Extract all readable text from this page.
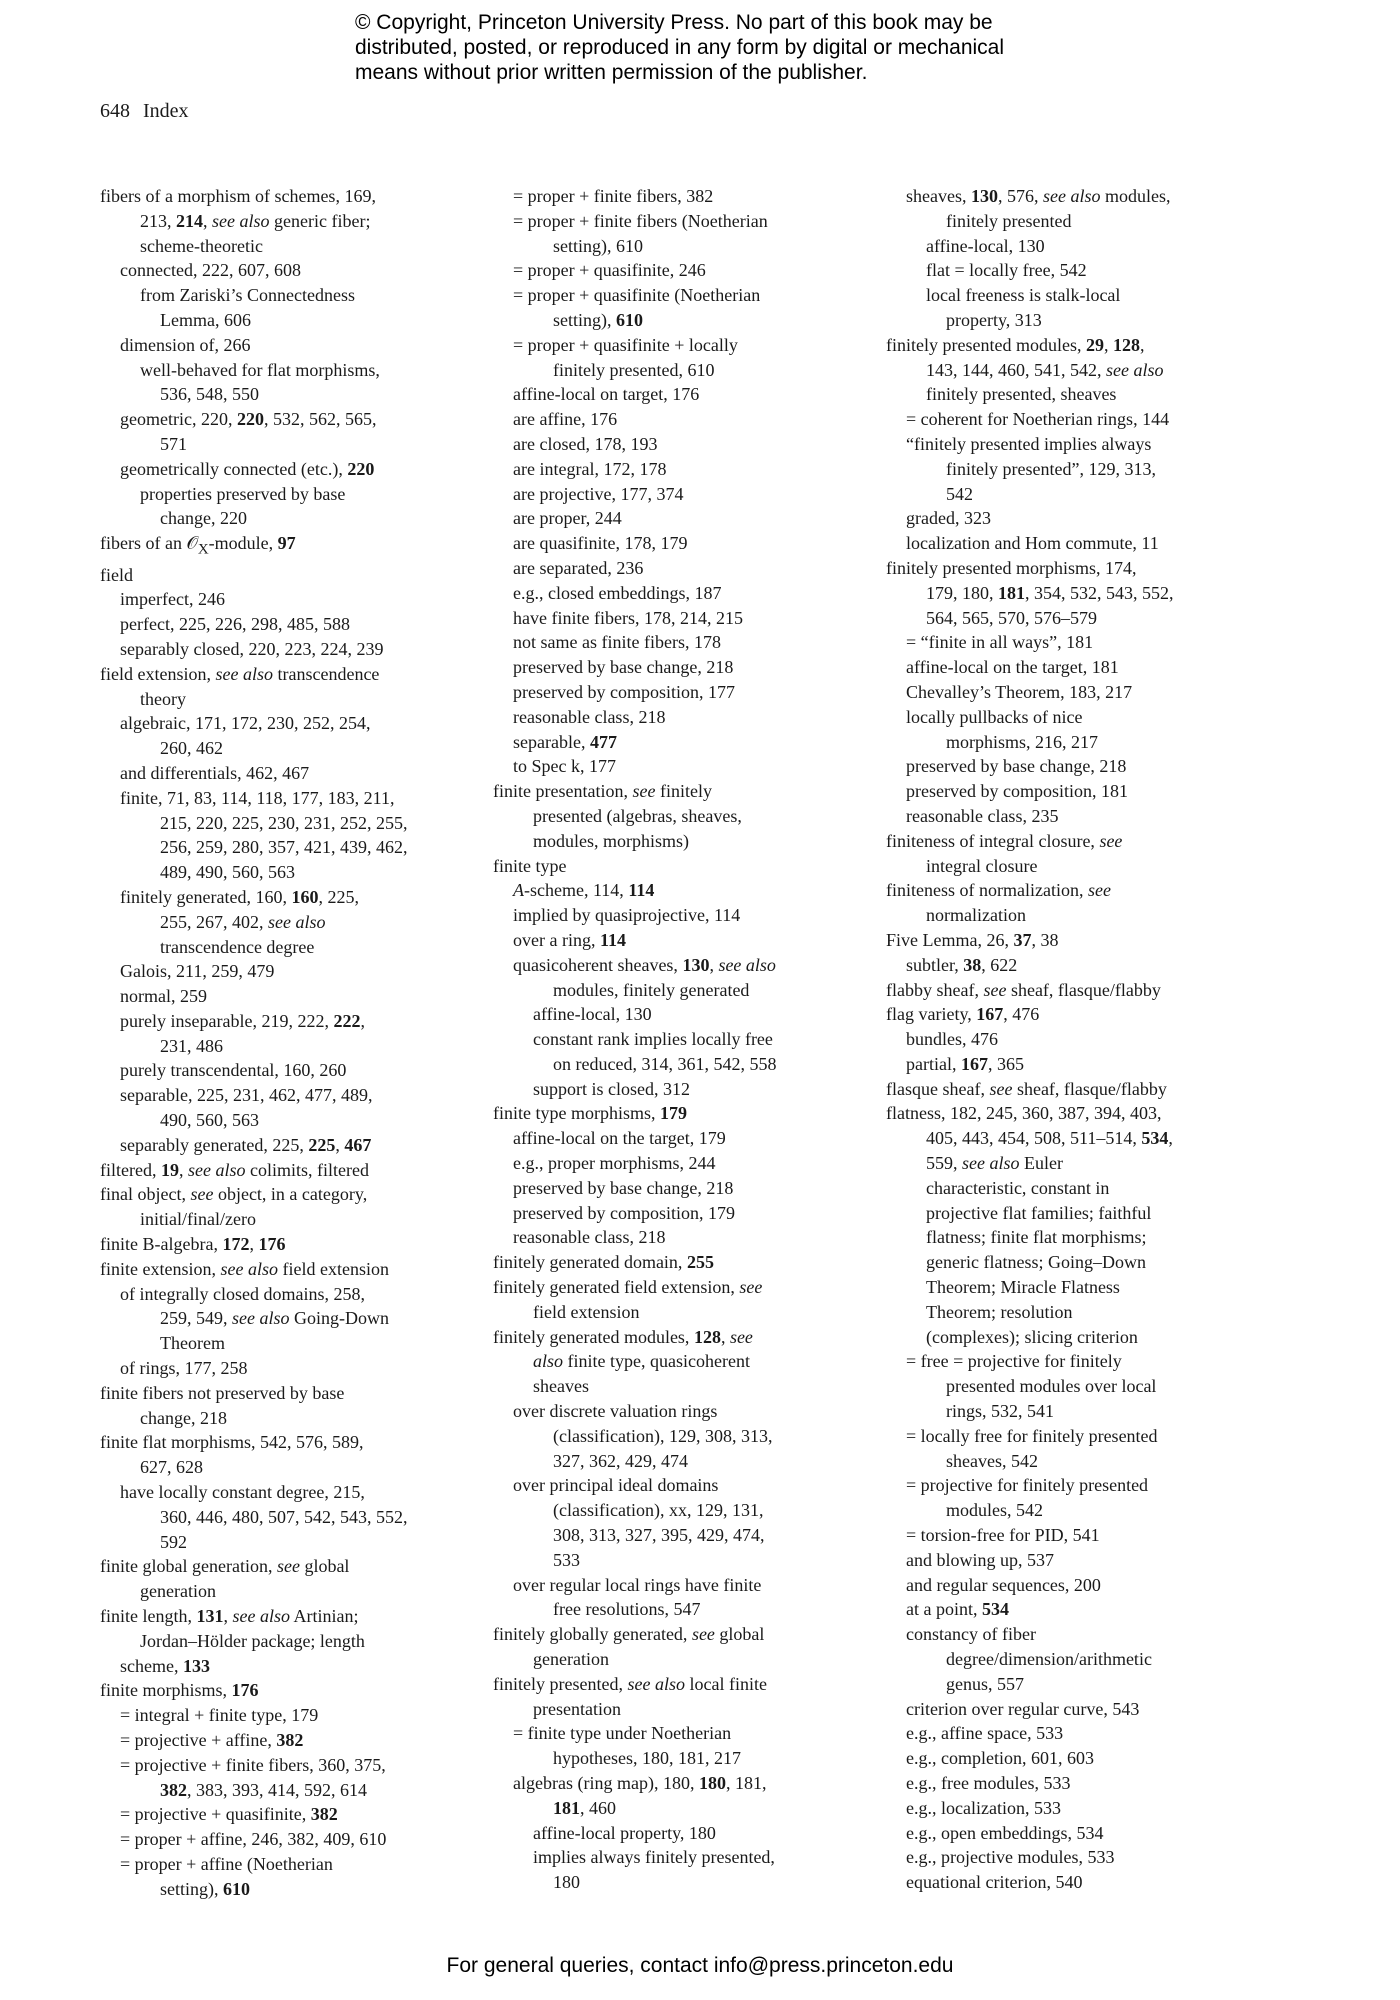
© Copyright, Princeton University Press. No part of this book may be
distributed, posted, or reproduced in any form by digital or mechanical
means without prior written permission of the publisher.
648 Index

fibers of a morphism of schemes, 169,
213, 214, see also generic fiber;
scheme-theoretic

connected, 222, 607, 608

from Zariski’s Connectedness
Lemma, 606

dimension of, 266

well-behaved for flat morphisms,
536, 548, 550

geometric, 220, 220, 532, 562, 565,
571

geometrically connected (etc.), 220

properties preserved by base
change, 220

fibers of an 𝒪$_X$-module, 97

field

imperfect, 246

perfect, 225, 226, 298, 485, 588

separably closed, 220, 223, 224, 239

field extension, see also transcendence
theory

algebraic, 171, 172, 230, 252, 254,
260, 462

and differentials, 462, 467

finite, 71, 83, 114, 118, 177, 183, 211,
215, 220, 225, 230, 231, 252, 255,
256, 259, 280, 357, 421, 439, 462,
489, 490, 560, 563

finitely generated, 160, 160, 225,
255, 267, 402, see also
transcendence degree

Galois, 211, 259, 479

normal, 259

purely inseparable, 219, 222, 222,
231, 486

purely transcendental, 160, 260

separable, 225, 231, 462, 477, 489,
490, 560, 563

separably generated, 225, 225, 467

filtered, 19, see also colimits, filtered

final object, see object, in a category,
initial/final/zero

finite B-algebra, 172, 176

finite extension, see also field extension

of integrally closed domains, 258,
259, 549, see also Going-Down
Theorem

of rings, 177, 258

finite fibers not preserved by base
change, 218

finite flat morphisms, 542, 576, 589,
627, 628

have locally constant degree, 215,
360, 446, 480, 507, 542, 543, 552,
592

finite global generation, see global
generation

finite length, 131, see also Artinian;
Jordan–Hölder package; length

scheme, 133

finite morphisms, 176

= integral + finite type, 179

= projective + affine, 382

= projective + finite fibers, 360, 375,
382, 383, 393, 414, 592, 614

= projective + quasifinite, 382

= proper + affine, 246, 382, 409, 610

= proper + affine (Noetherian
setting), 610

= proper + finite fibers, 382

= proper + finite fibers (Noetherian
setting), 610

= proper + quasifinite, 246

= proper + quasifinite (Noetherian
setting), 610

= proper + quasifinite + locally
finitely presented, 610

affine-local on target, 176

are affine, 176

are closed, 178, 193

are integral, 172, 178

are projective, 177, 374

are proper, 244

are quasifinite, 178, 179

are separated, 236

e.g., closed embeddings, 187

have finite fibers, 178, 214, 215

not same as finite fibers, 178

preserved by base change, 218

preserved by composition, 177

reasonable class, 218

separable, 477

to Spec k, 177

finite presentation, see finitely
presented (algebras, sheaves,
modules, morphisms)

finite type

A-scheme, 114, 114

implied by quasiprojective, 114

over a ring, 114

quasicoherent sheaves, 130, see also
modules, finitely generated

affine-local, 130

constant rank implies locally free
on reduced, 314, 361, 542, 558

support is closed, 312

finite type morphisms, 179

affine-local on the target, 179

e.g., proper morphisms, 244

preserved by base change, 218

preserved by composition, 179

reasonable class, 218

finitely generated domain, 255

finitely generated field extension, see
field extension

finitely generated modules, 128, see
also finite type, quasicoherent
sheaves

over discrete valuation rings
(classification), 129, 308, 313,
327, 362, 429, 474

over principal ideal domains
(classification), xx, 129, 131,
308, 313, 327, 395, 429, 474,
533

over regular local rings have finite
free resolutions, 547

finitely globally generated, see global
generation

finitely presented, see also local finite
presentation

= finite type under Noetherian
hypotheses, 180, 181, 217

algebras (ring map), 180, 180, 181,
181, 460

affine-local property, 180

implies always finitely presented,
180

sheaves, 130, 576, see also modules,
finitely presented

affine-local, 130

flat = locally free, 542

local freeness is stalk-local
property, 313

finitely presented modules, 29, 128,
143, 144, 460, 541, 542, see also
finitely presented, sheaves

= coherent for Noetherian rings, 144

“finitely presented implies always
finitely presented”, 129, 313,
542

graded, 323

localization and Hom commute, 11

finitely presented morphisms, 174,
179, 180, 181, 354, 532, 543, 552,
564, 565, 570, 576–579

= “finite in all ways”, 181

affine-local on the target, 181

Chevalley’s Theorem, 183, 217

locally pullbacks of nice
morphisms, 216, 217

preserved by base change, 218

preserved by composition, 181

reasonable class, 235

finiteness of integral closure, see
integral closure

finiteness of normalization, see
normalization

Five Lemma, 26, 37, 38

subtler, 38, 622

flabby sheaf, see sheaf, flasque/flabby

flag variety, 167, 476

bundles, 476

partial, 167, 365

flasque sheaf, see sheaf, flasque/flabby

flatness, 182, 245, 360, 387, 394, 403,
405, 443, 454, 508, 511–514, 534,
559, see also Euler
characteristic, constant in
projective flat families; faithful
flatness; finite flat morphisms;
generic flatness; Going–Down
Theorem; Miracle Flatness
Theorem; resolution
(complexes); slicing criterion

= free = projective for finitely
presented modules over local
rings, 532, 541

= locally free for finitely presented
sheaves, 542

= projective for finitely presented
modules, 542

= torsion-free for PID, 541

and blowing up, 537

and regular sequences, 200

at a point, 534

constancy of fiber
degree/dimension/arithmetic
genus, 557

criterion over regular curve, 543

e.g., affine space, 533

e.g., completion, 601, 603

e.g., free modules, 533

e.g., localization, 533

e.g., open embeddings, 534

e.g., projective modules, 533

equational criterion, 540

For general queries, contact info@press.princeton.edu
